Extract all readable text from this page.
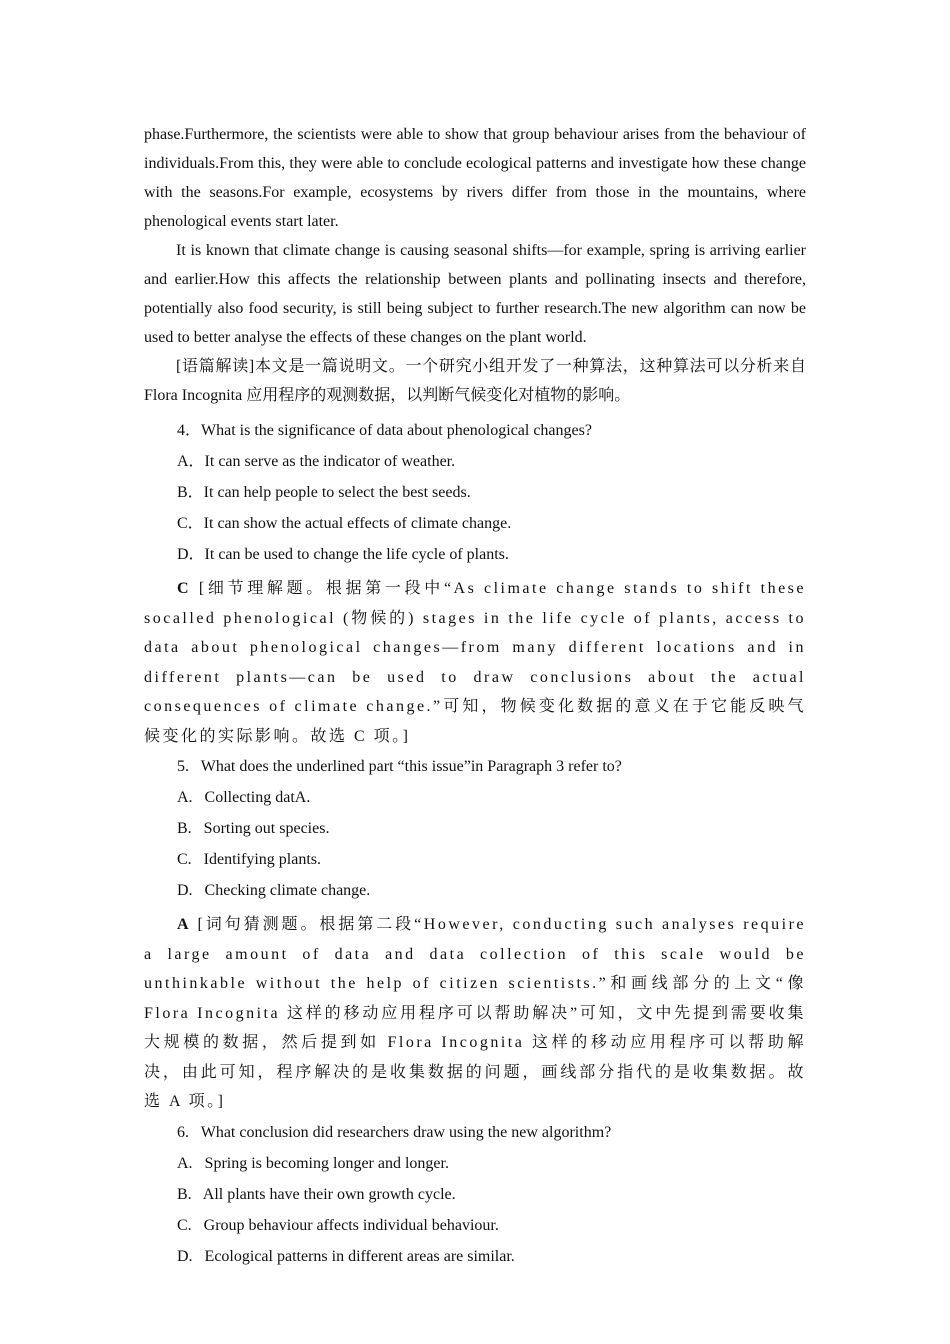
phase.Furthermore, the scientists were able to show that group behaviour arises from the behaviour of individuals.From this, they were able to conclude ecological patterns and investigate how these change with the seasons.For example, ecosystems by rivers differ from those in the mountains, where phenological events start later.

It is known that climate change is causing seasonal shifts—for example, spring is arriving earlier and earlier.How this affects the relationship between plants and pollinating insects and therefore, potentially also food security, is still being subject to further research.The new algorithm can now be used to better analyse the effects of these changes on the plant world.

[语篇解读]本文是一篇说明文。一个研究小组开发了一种算法，这种算法可以分析来自 Flora Incognita 应用程序的观测数据，以判断气候变化对植物的影响。

4．What is the significance of data about phenological changes?

A．It can serve as the indicator of weather.

B．It can help people to select the best seeds.

C．It can show the actual effects of climate change.

D．It can be used to change the life cycle of plants.

C [细节理解题。根据第一段中“As climate change stands to shift these socalled phenological (物候的) stages in the life cycle of plants, access to data about phenological changes—from many different locations and in different plants—can be used to draw conclusions about the actual consequences of climate change.”可知，物候变化数据的意义在于它能反映气候变化的实际影响。故选 C 项。]

5.   What does the underlined part “this issue”in Paragraph 3 refer to?

A.   Collecting datA.

B.   Sorting out species.

C.   Identifying plants.

D.   Checking climate change.

A [词句猜测题。根据第二段“However, conducting such analyses require a large amount of data and data collection of this scale would be unthinkable without the help of citizen scientists.”和画线部分的上文“像 Flora Incognita 这样的移动应用程序可以帮助解决”可知，文中先提到需要收集大规模的数据，然后提到如 Flora Incognita 这样的移动应用程序可以帮助解决，由此可知，程序解决的是收集数据的问题，画线部分指代的是收集数据。故选 A 项。]

6.   What conclusion did researchers draw using the new algorithm?

A.   Spring is becoming longer and longer.

B.   All plants have their own growth cycle.

C.   Group behaviour affects individual behaviour.

D.   Ecological patterns in different areas are similar.
